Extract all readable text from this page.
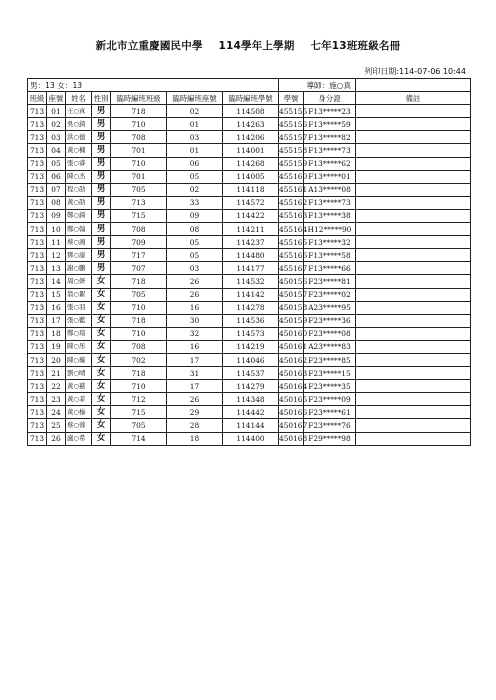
新北市立重慶國民中學 114學年上學期 七年13班班級名冊
列印日期:114-07-06 10:44
男：13 女：13							導師：施○真		
班級	座號	姓名	性別	臨時編班班級	臨時編班座號	臨時編班學號	學號	身分證	備註
713	01	王○真	男	718	02	114508	455155	F13*****23	
713	02	吳○錡	男	710	01	114263	455156	F13*****59	
713	03	洪○德	男	708	03	114206	455157	F13*****82	
713	04	黃○楠	男	701	01	114001	455158	F13*****73	
713	05	張○睿	男	710	06	114268	455159	F13*****62	
713	06	陳○杰	男	701	05	114005	455160	F13*****01	
713	07	程○劭	男	705	02	114118	455161	A13*****08	
713	08	黃○劭	男	713	33	114572	455162	F13*****73	
713	09	鄭○錡	男	715	09	114422	455163	F13*****38	
713	10	鄭○翰	男	708	08	114211	455164	H12*****90	
713	11	蔡○鴻	男	709	05	114237	455165	F13*****32	
713	12	鄧○濠	男	717	05	114480	455166	F13*****58	
713	13	謝○鵬	男	707	03	114177	455167	F13*****66	
713	14	周○妍	女	718	26	114532	450156	F23*****81	
713	15	翁○絮	女	705	26	114142	450157	F23*****02	
713	16	張○羽	女	710	16	114278	450158	A23*****95	
713	17	張○藍	女	718	30	114536	450159	F23*****36	
713	18	鄭○瑄	女	710	32	114573	450160	F23*****08	
713	19	陳○彤	女	708	16	114219	450161	A23*****83	
713	20	陳○璇	女	702	17	114046	450162	F23*****85	
713	21	劉○晴	女	718	31	114537	450163	F23*****15	
713	22	黃○慈	女	710	17	114279	450164	F23*****35	
713	23	黃○菲	女	712	26	114348	450165	F23*****09	
713	24	黃○榛	女	715	29	114442	450166	F23*****61	
713	25	蔡○蓉	女	705	28	114144	450167	F23*****76	
713	26	盧○希	女	714	18	114400	450168	F29*****98	
